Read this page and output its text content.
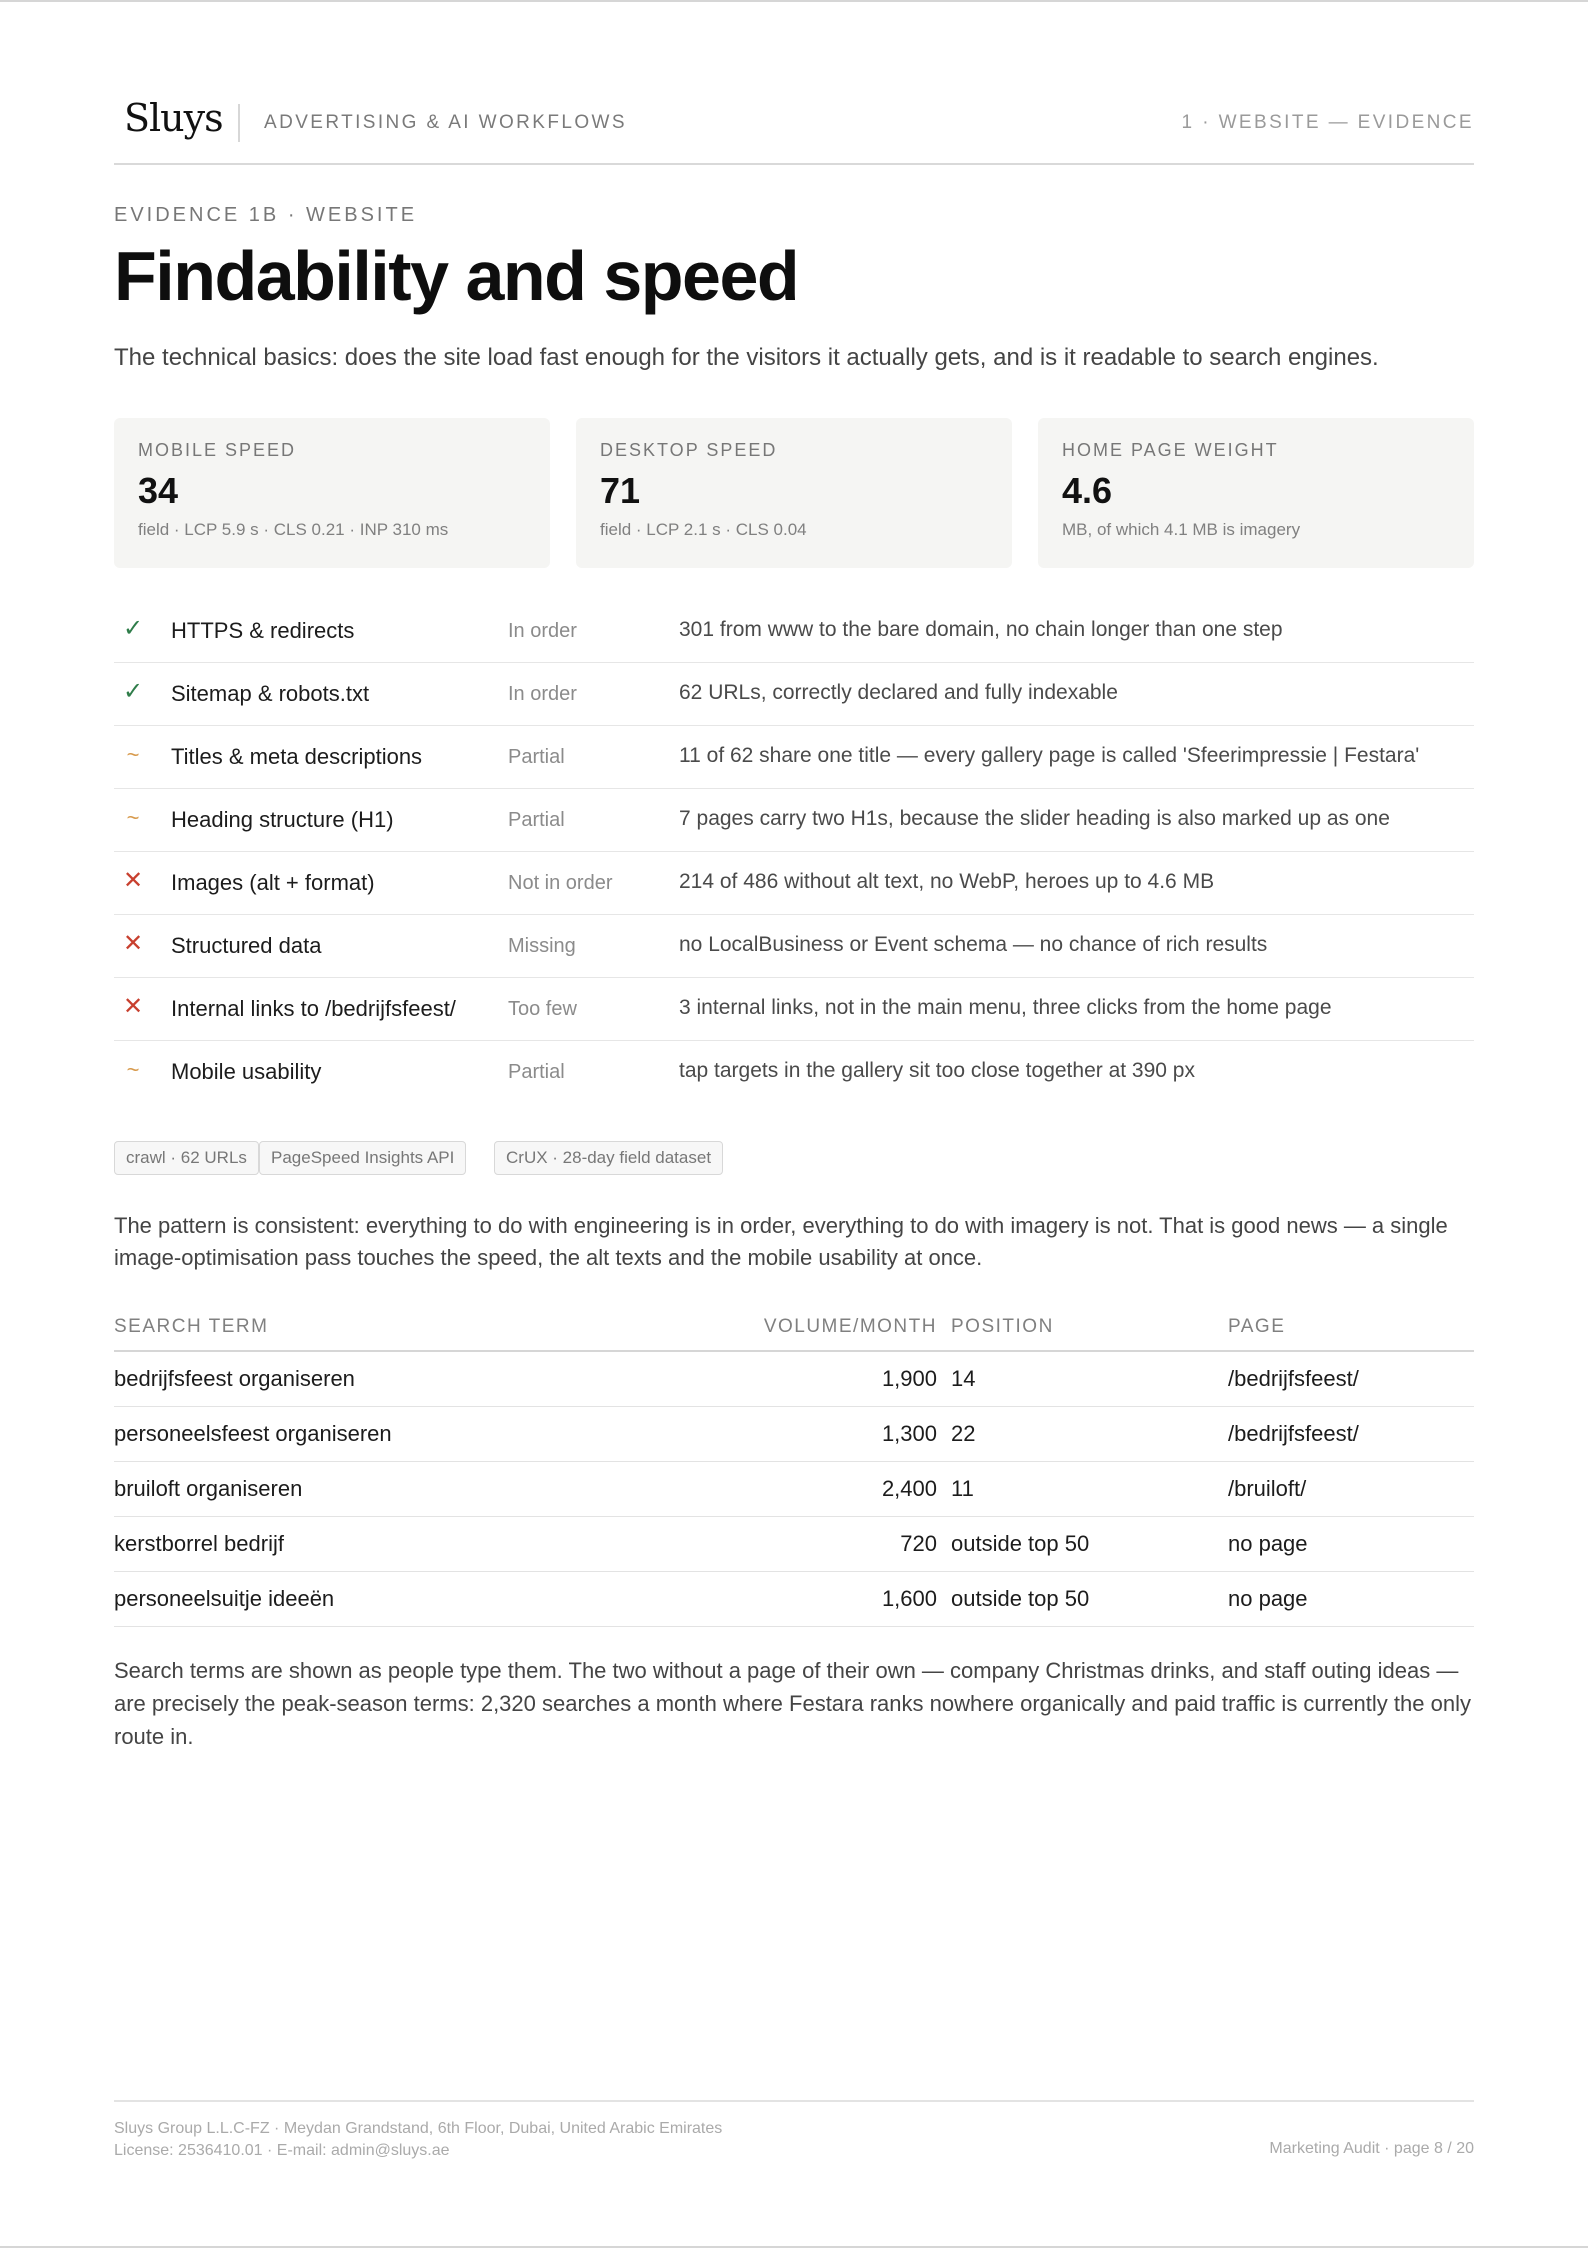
Sluys ADVERTISING & AI WORKFLOWS	1 · WEBSITE — EVIDENCE
EVIDENCE 1B · WEBSITE
Findability and speed
The technical basics: does the site load fast enough for the visitors it actually gets, and is it readable to search engines.
MOBILE SPEED
34
field · LCP 5.9 s · CLS 0.21 · INP 310 ms
DESKTOP SPEED
71
field · LCP 2.1 s · CLS 0.04
HOME PAGE WEIGHT
4.6
MB, of which 4.1 MB is imagery
✓ HTTPS & redirects	In order	301 from www to the bare domain, no chain longer than one step
✓ Sitemap & robots.txt	In order	62 URLs, correctly declared and fully indexable
~ Titles & meta descriptions	Partial	11 of 62 share one title — every gallery page is called 'Sfeerimpressie | Festara'
~ Heading structure (H1)	Partial	7 pages carry two H1s, because the slider heading is also marked up as one
✕ Images (alt + format)	Not in order	214 of 486 without alt text, no WebP, heroes up to 4.6 MB
✕ Structured data	Missing	no LocalBusiness or Event schema — no chance of rich results
✕ Internal links to /bedrijfsfeest/	Too few	3 internal links, not in the main menu, three clicks from the home page
~ Mobile usability	Partial	tap targets in the gallery sit too close together at 390 px
crawl · 62 URLs	PageSpeed Insights API	CrUX · 28-day field dataset
The pattern is consistent: everything to do with engineering is in order, everything to do with imagery is not. That is good news — a single image-optimisation pass touches the speed, the alt texts and the mobile usability at once.
SEARCH TERM	VOLUME/MONTH POSITION	PAGE
bedrijfsfeest organiseren	1,900 14	/bedrijfsfeest/
personeelsfeest organiseren	1,300 22	/bedrijfsfeest/
bruiloft organiseren	2,400 11	/bruiloft/
kerstborrel bedrijf	720 outside top 50	no page
personeelsuitje ideeën	1,600 outside top 50	no page
Search terms are shown as people type them. The two without a page of their own — company Christmas drinks, and staff outing ideas — are precisely the peak-season terms: 2,320 searches a month where Festara ranks nowhere organically and paid traffic is currently the only route in.
Sluys Group L.L.C-FZ · Meydan Grandstand, 6th Floor, Dubai, United Arabic Emirates
License: 2536410.01 · E-mail: admin@sluys.ae	Marketing Audit · page 8 / 20
